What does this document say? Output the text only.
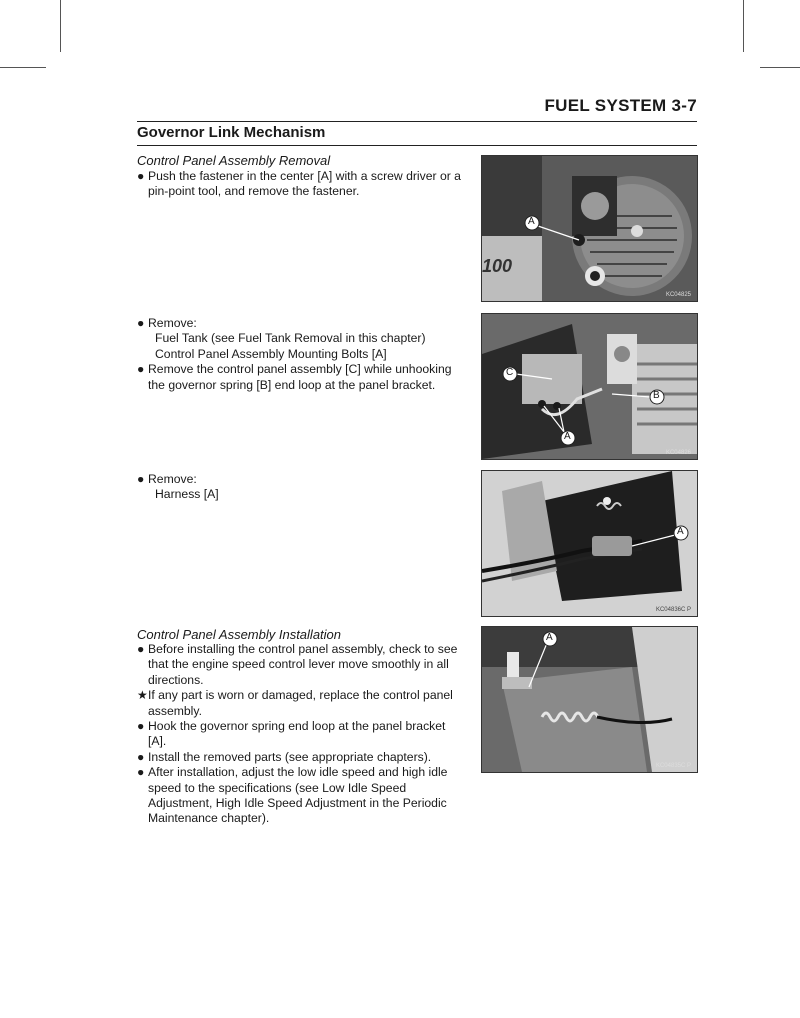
FUEL SYSTEM 3-7
Governor Link Mechanism
Control Panel Assembly Removal
● Push the fastener in the center [A] with a screw driver or a pin-point tool, and remove the fastener.
● Remove:
Fuel Tank (see Fuel Tank Removal in this chapter)
Control Panel Assembly Mounting Bolts [A]
● Remove the control panel assembly [C] while unhooking the governor spring [B] end loop at the panel bracket.
● Remove:
Harness [A]
Control Panel Assembly Installation
● Before installing the control panel assembly, check to see that the engine speed control lever move smoothly in all directions.
★ If any part is worn or damaged, replace the control panel assembly.
● Hook the governor spring end loop at the panel bracket [A].
● Install the removed parts (see appropriate chapters).
● After installation, adjust the low idle speed and high idle speed to the specifications (see Low Idle Speed Adjustment, High Idle Speed Adjustment in the Periodic Maintenance chapter).
100
A
KC04825
C
B
A
KC04826
A
KC04836C P
A
KC04835C P
